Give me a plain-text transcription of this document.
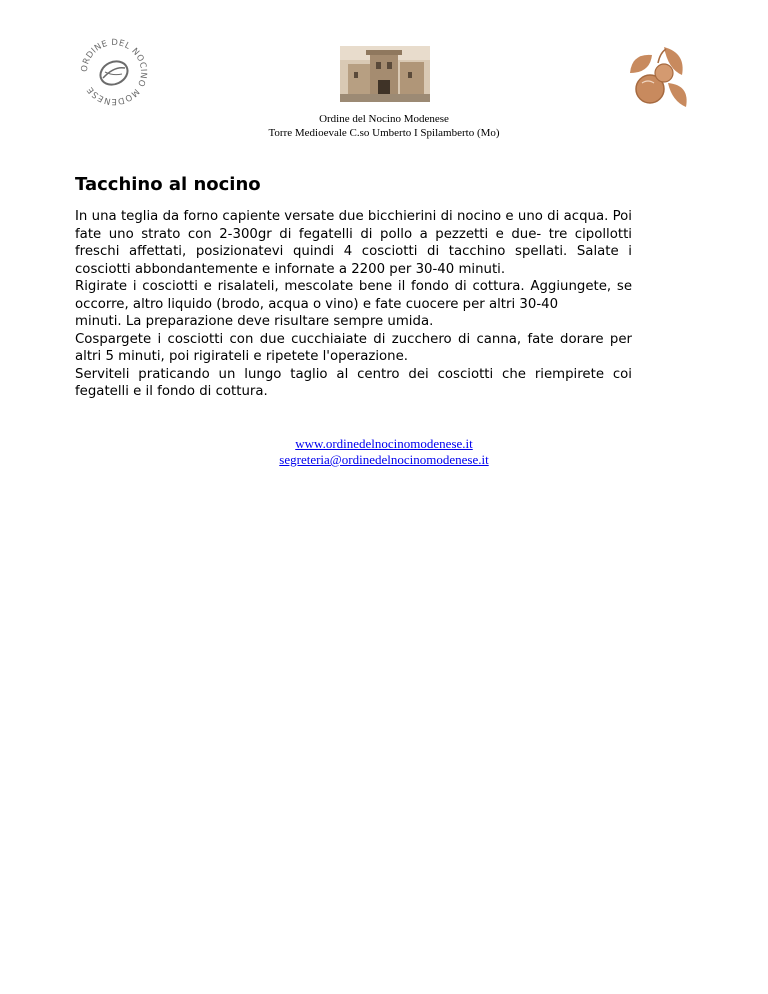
ORDINE DEL NOCINO MODENESE
Ordine del Nocino Modenese
Torre Medioevale C.so Umberto I Spilamberto (Mo)
Tacchino al nocino

In una teglia da forno capiente versate due bicchierini di nocino e uno di acqua. Poi fate uno strato con 2-300gr di fegatelli di pollo a pezzetti e due- tre cipollotti freschi affettati, posizionatevi quindi 4 cosciotti di tacchino spellati. Salate i cosciotti abbondantemente e infornate a 2200 per 30-40 minuti.

Rigirate i cosciotti e risalateli, mescolate bene il fondo di cottura. Aggiungete, se occorre, altro liquido (brodo, acqua o vino) e fate cuocere per altri 30-40

minuti. La preparazione deve risultare sempre umida.

Cospargete i cosciotti con due cucchiaiate di zucchero di canna, fate dorare per altri 5 minuti, poi rigirateli e ripetete l'operazione.

Serviteli praticando un lungo taglio al centro dei cosciotti che riempirete coi fegatelli e il fondo di cottura.

www.ordinedelnocinomodenese.it
segreteria@ordinedelnocinomodenese.it
